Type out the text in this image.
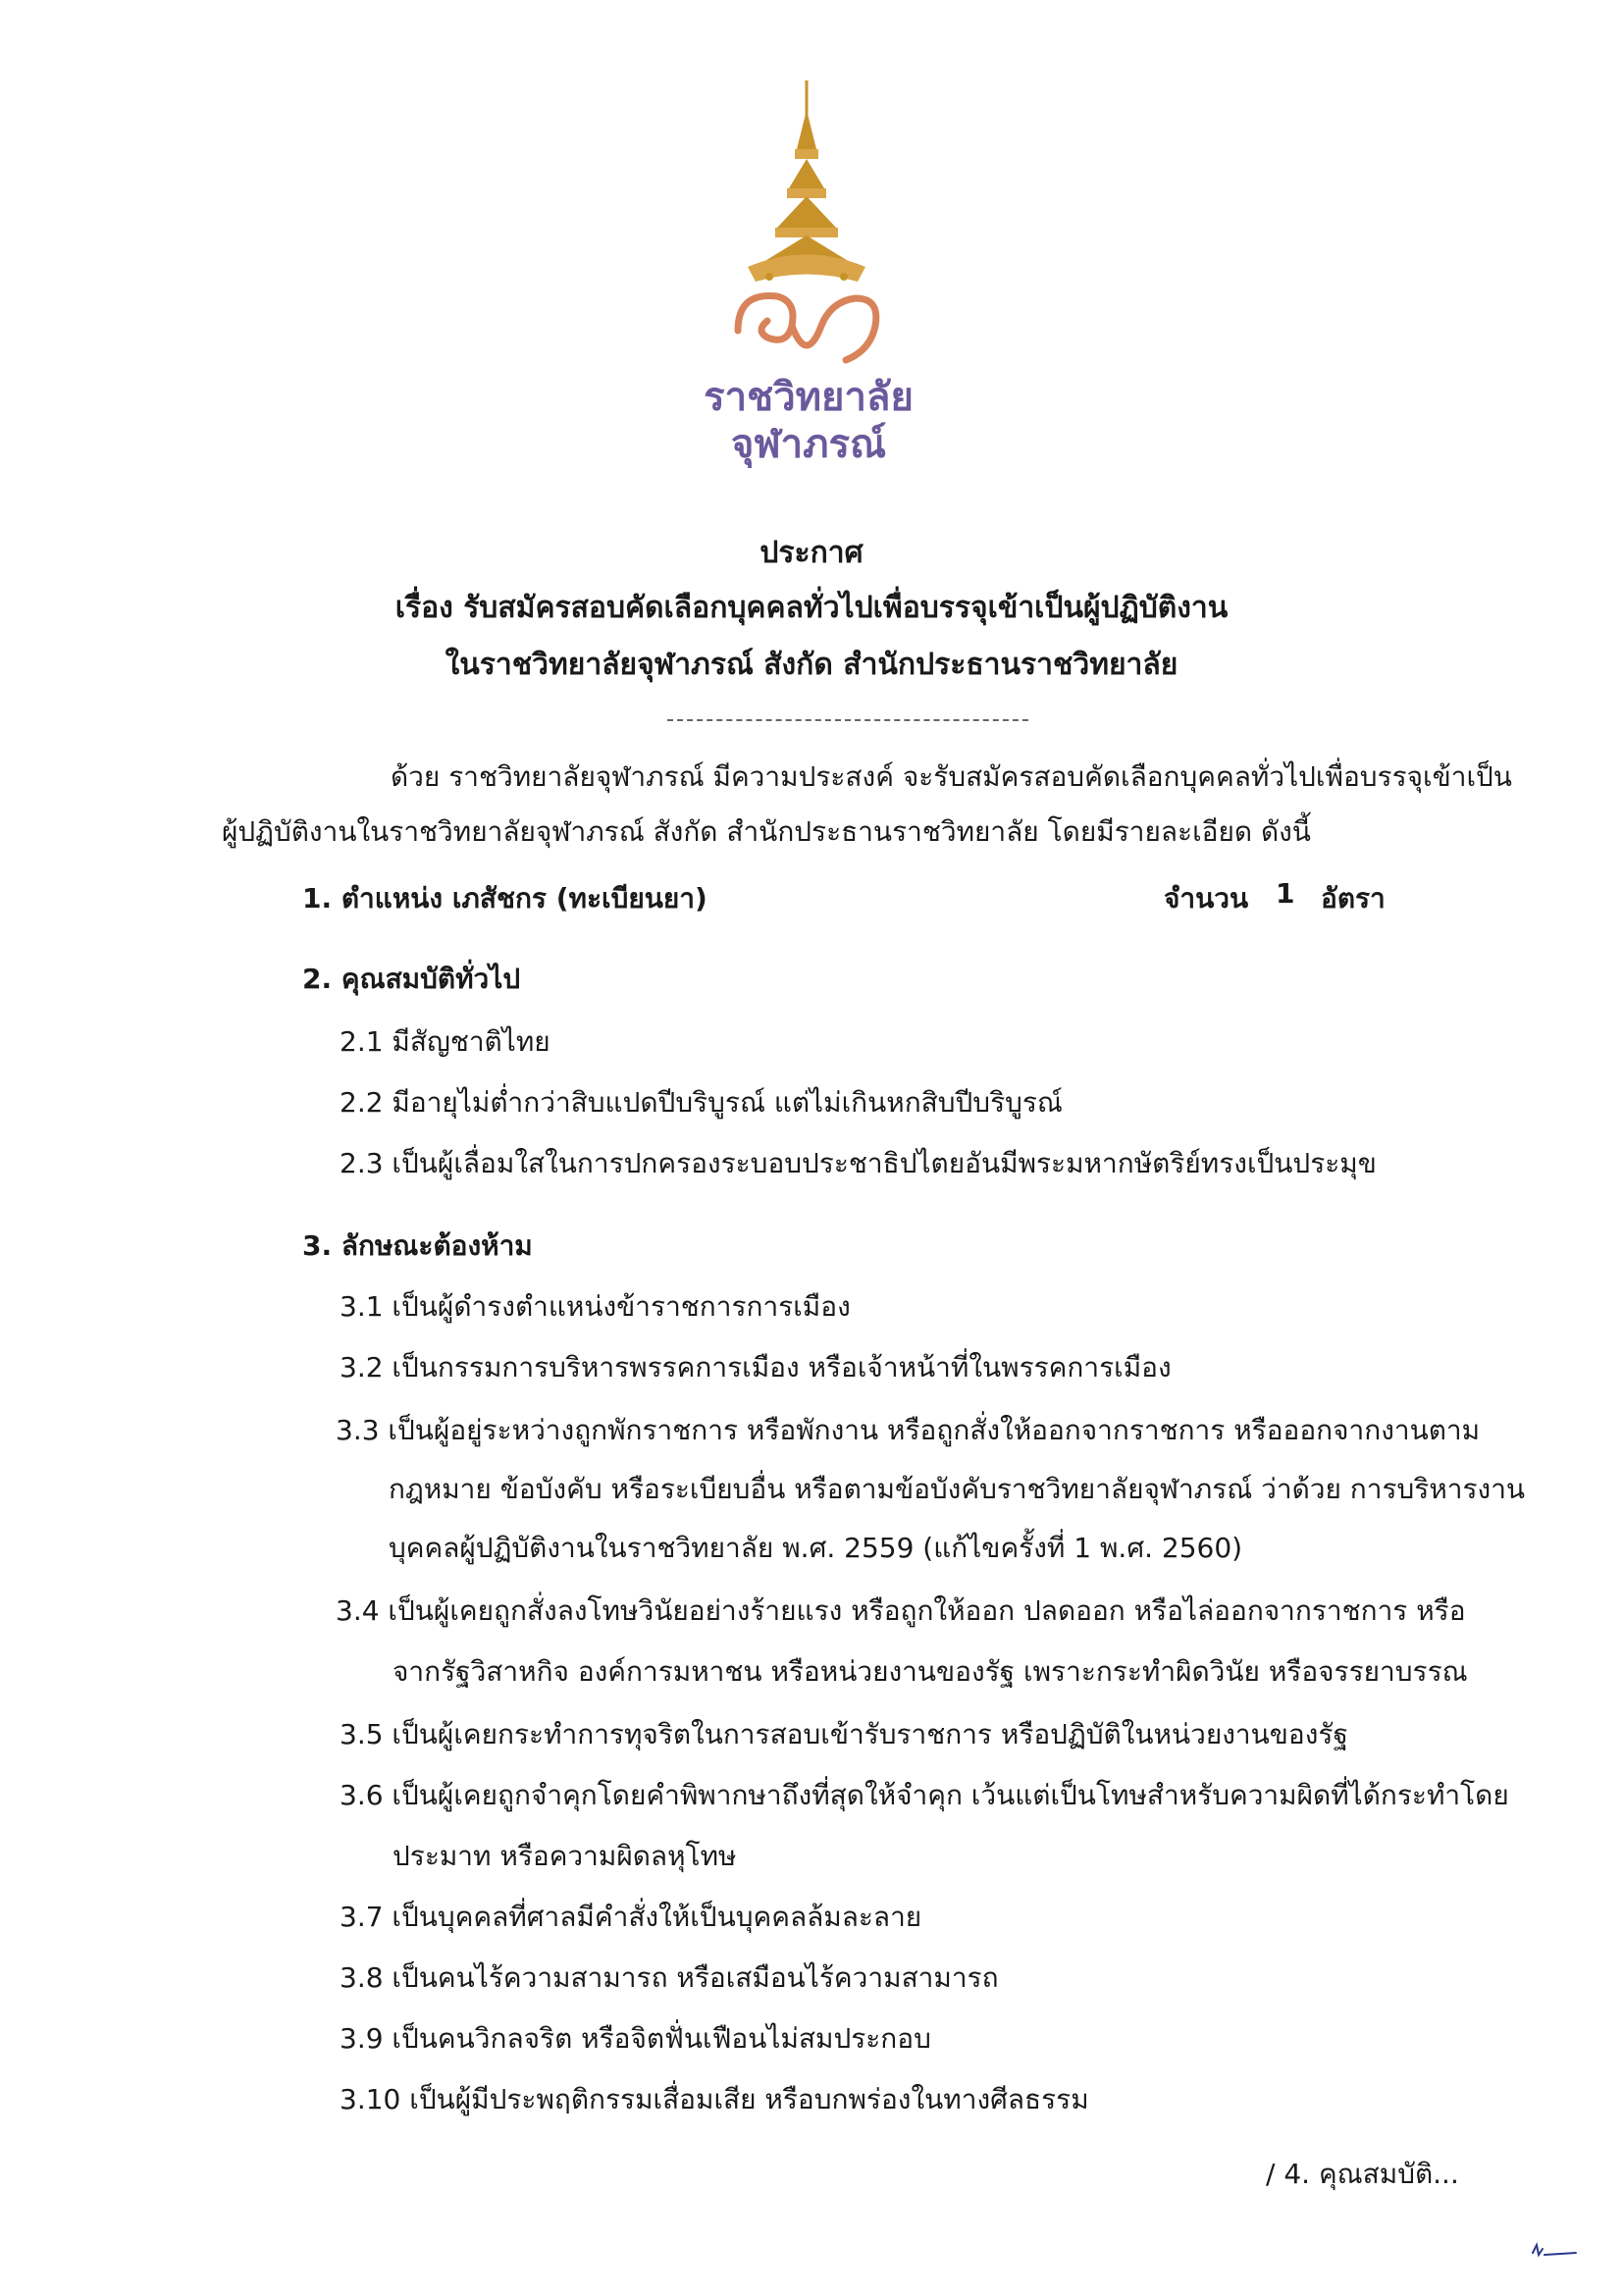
ราชวิทยาลัย
จุฬาภรณ์
ประกาศ
เรื่อง รับสมัครสอบคัดเลือกบุคคลทั่วไปเพื่อบรรจุเข้าเป็นผู้ปฏิบัติงาน
ในราชวิทยาลัยจุฬาภรณ์ สังกัด สำนักประธานราชวิทยาลัย
ด้วย ราชวิทยาลัยจุฬาภรณ์ มีความประสงค์ จะรับสมัครสอบคัดเลือกบุคคลทั่วไปเพื่อบรรจุเข้าเป็น
ผู้ปฏิบัติงานในราชวิทยาลัยจุฬาภรณ์ สังกัด สำนักประธานราชวิทยาลัย โดยมีรายละเอียด ดังนี้
1. ตำแหน่ง เภสัชกร (ทะเบียนยา)	จำนวน 1 อัตรา
2. คุณสมบัติทั่วไป
2.1 มีสัญชาติไทย
2.2 มีอายุไม่ต่ำกว่าสิบแปดปีบริบูรณ์ แต่ไม่เกินหกสิบปีบริบูรณ์
2.3 เป็นผู้เลื่อมใสในการปกครองระบอบประชาธิปไตยอันมีพระมหากษัตริย์ทรงเป็นประมุข
3. ลักษณะต้องห้าม
3.1 เป็นผู้ดำรงตำแหน่งข้าราชการการเมือง
3.2 เป็นกรรมการบริหารพรรคการเมือง หรือเจ้าหน้าที่ในพรรคการเมือง
3.3 เป็นผู้อยู่ระหว่างถูกพักราชการ หรือพักงาน หรือถูกสั่งให้ออกจากราชการ หรือออกจากงานตาม
กฎหมาย ข้อบังคับ หรือระเบียบอื่น หรือตามข้อบังคับราชวิทยาลัยจุฬาภรณ์ ว่าด้วย การบริหารงาน
บุคคลผู้ปฏิบัติงานในราชวิทยาลัย พ.ศ. 2559 (แก้ไขครั้งที่ 1 พ.ศ. 2560)
3.4 เป็นผู้เคยถูกสั่งลงโทษวินัยอย่างร้ายแรง หรือถูกให้ออก ปลดออก หรือไล่ออกจากราชการ หรือ
จากรัฐวิสาหกิจ องค์การมหาชน หรือหน่วยงานของรัฐ เพราะกระทำผิดวินัย หรือจรรยาบรรณ
3.5 เป็นผู้เคยกระทำการทุจริตในการสอบเข้ารับราชการ หรือปฏิบัติในหน่วยงานของรัฐ
3.6 เป็นผู้เคยถูกจำคุกโดยคำพิพากษาถึงที่สุดให้จำคุก เว้นแต่เป็นโทษสำหรับความผิดที่ได้กระทำโดย
ประมาท หรือความผิดลหุโทษ
3.7 เป็นบุคคลที่ศาลมีคำสั่งให้เป็นบุคคลล้มละลาย
3.8 เป็นคนไร้ความสามารถ หรือเสมือนไร้ความสามารถ
3.9 เป็นคนวิกลจริต หรือจิตฟั่นเฟือนไม่สมประกอบ
3.10 เป็นผู้มีประพฤติกรรมเสื่อมเสีย หรือบกพร่องในทางศีลธรรม
/ 4. คุณสมบัติ...
